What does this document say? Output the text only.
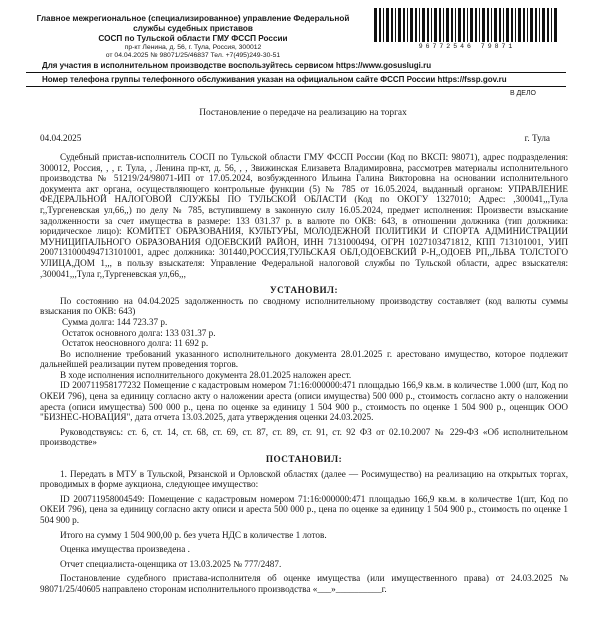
Главное межрегиональное (специализированное) управление Федеральной
службы судебных приставов
СОСП по Тульской области ГМУ ФССП России
пр-кт Ленина, д. 56, г. Тула, Россия, 300012
от 04.04.2025 № 98071/25/46837 Тел. +7(495)249-30-51
96772546 79871
Для участия в исполнительном производстве воспользуйтесь сервисом https://www.gosuslugi.ru
Номер телефона группы телефонного обслуживания указан на официальном сайте ФССП России https://fssp.gov.ru
В ДЕЛО
Постановление о передаче на реализацию на торгах
04.04.2025	г. Тула

Судебный пристав-исполнитель СОСП по Тульской области ГМУ ФССП России (Код по ВКСП: 98071), адрес подразделения: 300012, Россия, , , г. Тула, , Ленина пр-кт, д. 56, , , Звижинская Елизавета Владимировна, рассмотрев материалы исполнительного производства № 51219/24/98071-ИП от 17.05.2024, возбужденного Ильина Галина Викторовна на основании исполнительного документа акт органа, осуществляющего контрольные функции (5) № 785 от 16.05.2024, выданный органом: УПРАВЛЕНИЕ ФЕДЕРАЛЬНОЙ НАЛОГОВОЙ СЛУЖБЫ ПО ТУЛЬСКОЙ ОБЛАСТИ (Код по ОКОГУ 1327010; Адрес: ,300041,,,Тула г,,Тургеневская ул,66,,) по делу № 785, вступившему в законную силу 16.05.2024, предмет исполнения: Произвести взыскание задолженности за счет имущества в размере: 133 031.37 р. в валюте по ОКВ: 643, в отношении должника (тип должника: юридическое лицо): КОМИТЕТ ОБРАЗОВАНИЯ, КУЛЬТУРЫ, МОЛОДЕЖНОЙ ПОЛИТИКИ И СПОРТА АДМИНИСТРАЦИИ МУНИЦИПАЛЬНОГО ОБРАЗОВАНИЯ ОДОЕВСКИЙ РАЙОН, ИНН 7131000494, ОГРН 1027103471812, КПП 713101001, УИП 2007131000494713101001, адрес должника: 301440,РОССИЯ,ТУЛЬСКАЯ ОБЛ,ОДОЕВСКИЙ Р-Н,,ОДОЕВ РП,,ЛЬВА ТОЛСТОГО УЛИЦА,ДОМ 1,,, в пользу взыскателя: Управление Федеральной налоговой службы по Тульской области, адрес взыскателя: ,300041,,,Тула г,,Тургеневская ул,66,,,

УСТАНОВИЛ:

По состоянию на 04.04.2025 задолженность по сводному исполнительному производству составляет (код валюты суммы взыскания по ОКВ: 643)

Сумма долга: 144 723.37 р.

Остаток основного долга: 133 031.37 р.

Остаток неосновного долга: 11 692 р.

Во исполнение требований указанного исполнительного документа 28.01.2025 г. арестовано имущество, которое подлежит дальнейшей реализации путем проведения торгов.

В ходе исполнения исполнительного документа 28.01.2025 наложен арест.

ID 200711958177232 Помещение с кадастровым номером 71:16:000000:471 площадью 166,9 кв.м. в количестве 1.000 (шт, Код по ОКЕИ 796), цена за единицу согласно акту о наложении ареста (описи имущества) 500 000 р., стоимость согласно акту о наложении ареста (описи имущества) 500 000 р., цена по оценке за единицу 1 504 900 р., стоимость по оценке 1 504 900 р., оценщик ООО "БИЗНЕС-НОВАЦИЯ", дата отчета 13.03.2025, дата утверждения оценки 24.03.2025.

Руководствуясь: ст. 6, ст. 14, ст. 68, ст. 69, ст. 87, ст. 89, ст. 91, ст. 92 ФЗ от 02.10.2007 № 229-ФЗ «Об исполнительном производстве»

ПОСТАНОВИЛ:

1. Передать в МТУ в Тульской, Рязанской и Орловской областях (далее — Росимущество) на реализацию на открытых торгах, проводимых в форме аукциона, следующее имущество:

ID 200711958004549: Помещение с кадастровым номером 71:16:000000:471 площадью 166,9 кв.м. в количестве 1(шт, Код по ОКЕИ 796), цена за единицу согласно акту описи и ареста 500 000 р., цена по оценке за единицу 1 504 900 р., стоимость по оценке 1 504 900 р.

Итого на сумму 1 504 900,00 р. без учета НДС в количестве 1 лотов.

Оценка имущества произведена .

Отчет специалиста-оценщика от 13.03.2025 № 777/2487.

Постановление судебного пристава-исполнителя об оценке имущества (или имущественного права) от 24.03.2025 № 98071/25/40605 направлено сторонам исполнительного производства «___»__________г.
